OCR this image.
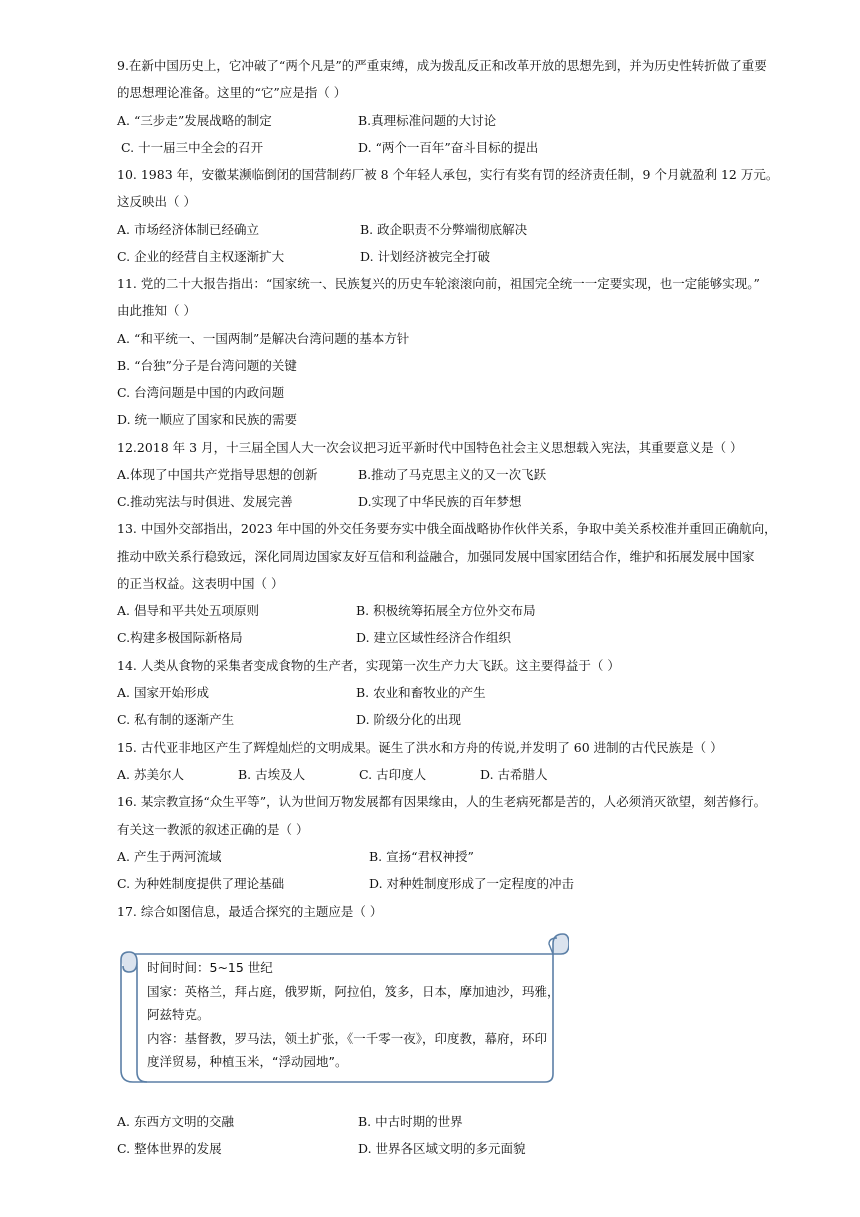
9.在新中国历史上，它冲破了“两个凡是”的严重束缚，成为拨乱反正和改革开放的思想先到，并为历史性转折做了重要
的思想理论准备。这里的“它”应是指（ ）
A. “三步走”发展战略的制定	B.真理标准问题的大讨论
C. 十一届三中全会的召开	D. “两个一百年”奋斗目标的提出
10. 1983 年，安徽某濒临倒闭的国营制药厂被 8 个年轻人承包，实行有奖有罚的经济责任制，9 个月就盈利 12 万元。
这反映出（ ）
A. 市场经济体制已经确立	B. 政企职责不分弊端彻底解决
C. 企业的经营自主权逐渐扩大	D. 计划经济被完全打破
11. 党的二十大报告指出：“国家统一、民族复兴的历史车轮滚滚向前，祖国完全统一一定要实现，也一定能够实现。”
由此推知（ ）
A. “和平统一、一国两制”是解决台湾问题的基本方针
B. “台独”分子是台湾问题的关键
C. 台湾问题是中国的内政问题
D. 统一顺应了国家和民族的需要
12.2018 年 3 月，十三届全国人大一次会议把习近平新时代中国特色社会主义思想载入宪法，其重要意义是（ ）
A.体现了中国共产党指导思想的创新	B.推动了马克思主义的又一次飞跃
C.推动宪法与时俱进、发展完善	D.实现了中华民族的百年梦想
13. 中国外交部指出，2023 年中国的外交任务要夯实中俄全面战略协作伙伴关系，争取中美关系校准并重回正确航向，
推动中欧关系行稳致远，深化同周边国家友好互信和利益融合，加强同发展中国家团结合作，维护和拓展发展中国家
的正当权益。这表明中国（ ）
A. 倡导和平共处五项原则	B. 积极统筹拓展全方位外交布局
C.构建多极国际新格局	D. 建立区域性经济合作组织
14. 人类从食物的采集者变成食物的生产者，实现第一次生产力大飞跃。这主要得益于（ ）
A. 国家开始形成	B. 农业和畜牧业的产生
C. 私有制的逐渐产生	D. 阶级分化的出现
15. 古代亚非地区产生了辉煌灿烂的文明成果。诞生了洪水和方舟的传说,并发明了 60 进制的古代民族是（ ）
A. 苏美尔人	B. 古埃及人	C. 古印度人	D. 古希腊人
16. 某宗教宣扬“众生平等”，认为世间万物发展都有因果缘由，人的生老病死都是苦的，人必须消灭欲望，刻苦修行。
有关这一教派的叙述正确的是（ ）
A. 产生于两河流域	B. 宣扬“君权神授”
C. 为种姓制度提供了理论基础	D. 对种姓制度形成了一定程度的冲击
17. 综合如图信息，最适合探究的主题应是（ ）
时间时间：5~15 世纪
国家：英格兰，拜占庭，俄罗斯，阿拉伯，笈多，日本，摩加迪沙，玛雅，
阿兹特克。
内容：基督教，罗马法，领土扩张，《一千零一夜》，印度教，幕府，环印
度洋贸易，种植玉米，“浮动园地”。
A. 东西方文明的交融	B. 中古时期的世界
C. 整体世界的发展	D. 世界各区域文明的多元面貌
